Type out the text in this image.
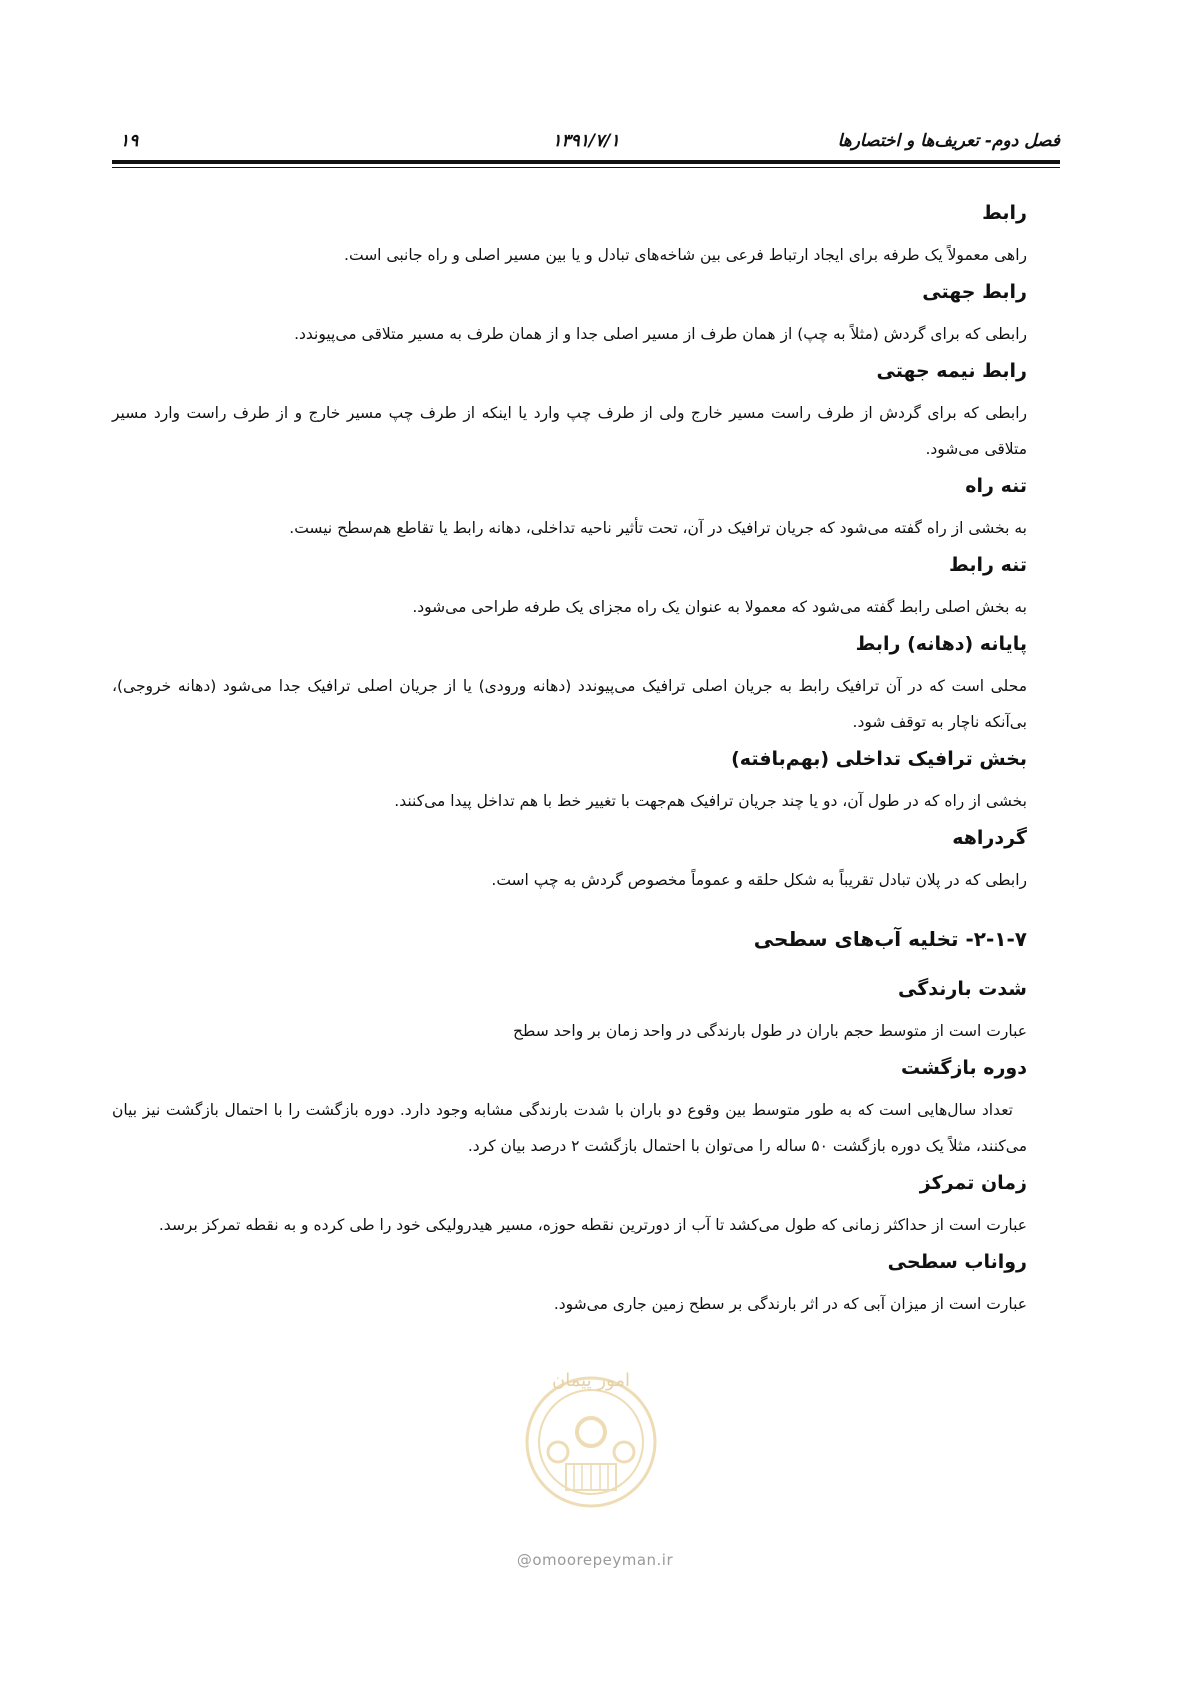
فصل دوم- تعریف‌ها و اختصارها
۱۳۹۱/۷/۱
۱۹

رابط

راهی معمولاً یک طرفه برای ایجاد ارتباط فرعی بین شاخه‌های تبادل و یا بین مسیر اصلی و راه جانبی است.

رابط جهتی

رابطی که برای گردش (مثلاً به چپ) از همان طرف از مسیر اصلی جدا و از همان طرف به مسیر متلاقی می‌پیوندد.

رابط نیمه جهتی

رابطی که برای گردش از طرف راست مسیر خارج ولی از طرف چپ وارد یا اینکه از طرف چپ مسیر خارج و از طرف راست وارد مسیر متلاقی می‌شود.

تنه راه

به بخشی از راه گفته می‌شود که جریان ترافیک در آن، تحت تأثیر ناحیه تداخلی، دهانه رابط یا تقاطع هم‌سطح نیست.

تنه رابط

به بخش اصلی رابط گفته می‌شود که معمولا به عنوان یک راه مجزای یک طرفه طراحی می‌شود.

پایانه (دهانه) رابط

محلی است که در آن ترافیک رابط به جریان اصلی ترافیک می‌پیوندد (دهانه ورودی) یا از جریان اصلی ترافیک جدا می‌شود (دهانه خروجی)، بی‌آنکه ناچار به توقف شود.

بخش ترافیک تداخلی (بهم‌بافته)

بخشی از راه که در طول آن، دو یا چند جریان ترافیک هم‌جهت با تغییر خط با هم تداخل پیدا می‌کنند.

گردراهه

رابطی که در پلان تبادل تقریباً به شکل حلقه و عموماً مخصوص گردش به چپ است.

۲-۱-۷- تخلیه آب‌های سطحی

شدت بارندگی

عبارت است از متوسط حجم باران در طول بارندگی در واحد زمان بر واحد سطح

دوره بازگشت

تعداد سال‌هایی است که به طور متوسط بین وقوع دو باران با شدت بارندگی مشابه وجود دارد. دوره بازگشت را با احتمال بازگشت نیز بیان می‌کنند، مثلاً یک دوره بازگشت ۵۰ ساله را می‌توان با احتمال بازگشت ۲ درصد بیان کرد.

زمان تمرکز

عبارت است از حداکثر زمانی که طول می‌کشد تا آب از دورترین نقطه حوزه، مسیر هیدرولیکی خود را طی کرده و به نقطه تمرکز برسد.

رواناب سطحی

عبارت است از میزان آبی که در اثر بارندگی بر سطح زمین جاری می‌شود.

امور پیمان
@omoorepeyman.ir
